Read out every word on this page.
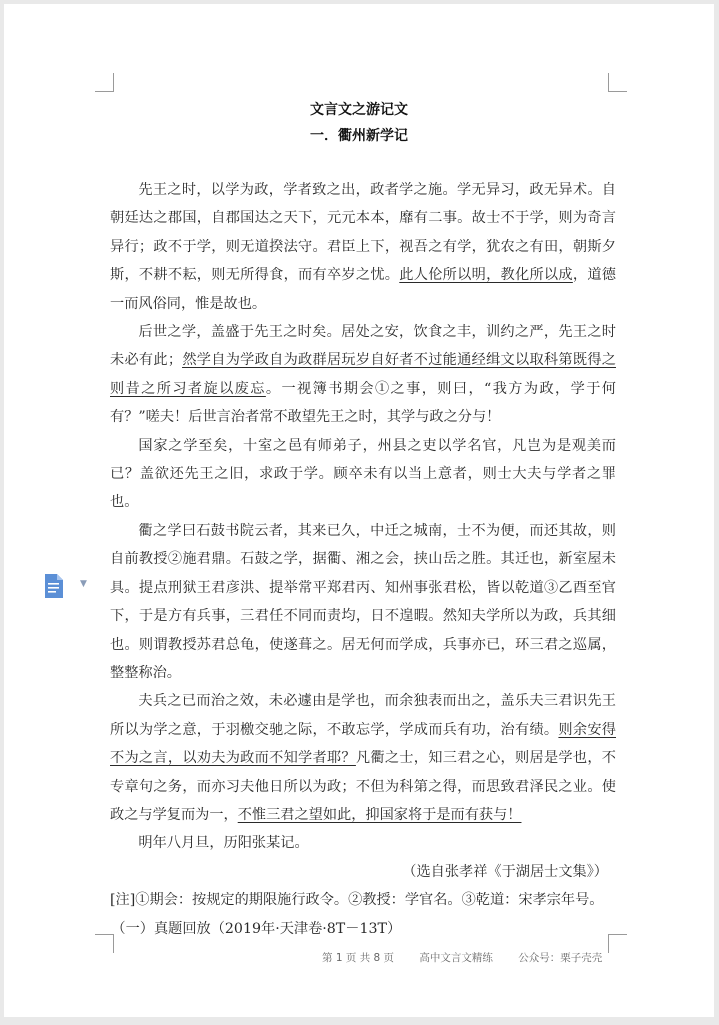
文言文之游记文
一．衢州新学记

先王之时，以学为政，学者致之出，政者学之施。学无异习，政无异术。自朝廷达之郡国，自郡国达之天下，元元本本，靡有二事。故士不于学，则为奇言异行；政不于学，则无道揆法守。君臣上下，视吾之有学，犹农之有田，朝斯夕斯，不耕不耘，则无所得食，而有卒岁之忧。此人伦所以明，教化所以成，道德一而风俗同，惟是故也。

后世之学，盖盛于先王之时矣。居处之安，饮食之丰，训约之严，先王之时未必有此；然学自为学政自为政群居玩岁自好者不过能通经缉文以取科第既得之则昔之所习者旋以废忘。一视簿书期会①之事，则曰，“我方为政，学于何有？”嗟夫！后世言治者常不敢望先王之时，其学与政之分与！

国家之学至矣，十室之邑有师弟子，州县之吏以学名官，凡岂为是观美而已？盖欲还先王之旧，求政于学。顾卒未有以当上意者，则士大夫与学者之罪也。

衢之学曰石鼓书院云者，其来已久，中迁之城南，士不为便，而还其故，则自前教授②施君鼎。石鼓之学，据衢、湘之会，挟山岳之胜。其迁也，新室屋未具。提点刑狱王君彦洪、提举常平郑君丙、知州事张君松，皆以乾道③乙酉至官下，于是方有兵事，三君任不同而责均，日不遑暇。然知夫学所以为政，兵其细也。则谓教授苏君总龟，使遂葺之。居无何而学成，兵事亦已，环三君之巡属，整整称治。

夫兵之已而治之效，未必遽由是学也，而余独表而出之，盖乐夫三君识先王所以为学之意，于羽檄交驰之际，不敢忘学，学成而兵有功，治有绩。则余安得不为之言，以劝夫为政而不知学者耶？凡衢之士，知三君之心，则居是学也，不专章句之务，而亦习夫他日所以为政；不但为科第之得，而思致君泽民之业。使政之与学复而为一，不惟三君之望如此，抑国家将于是而有获与！

明年八月旦，历阳张某记。

（选自张孝祥《于湖居士文集》）

[注]①期会：按规定的期限施行政令。②教授：学官名。③乾道：宋孝宗年号。

（一）真题回放（2019年·天津卷·8T－13T）

▼
第 1 页 共 8 页 高中文言文精练 公众号：栗子壳壳
